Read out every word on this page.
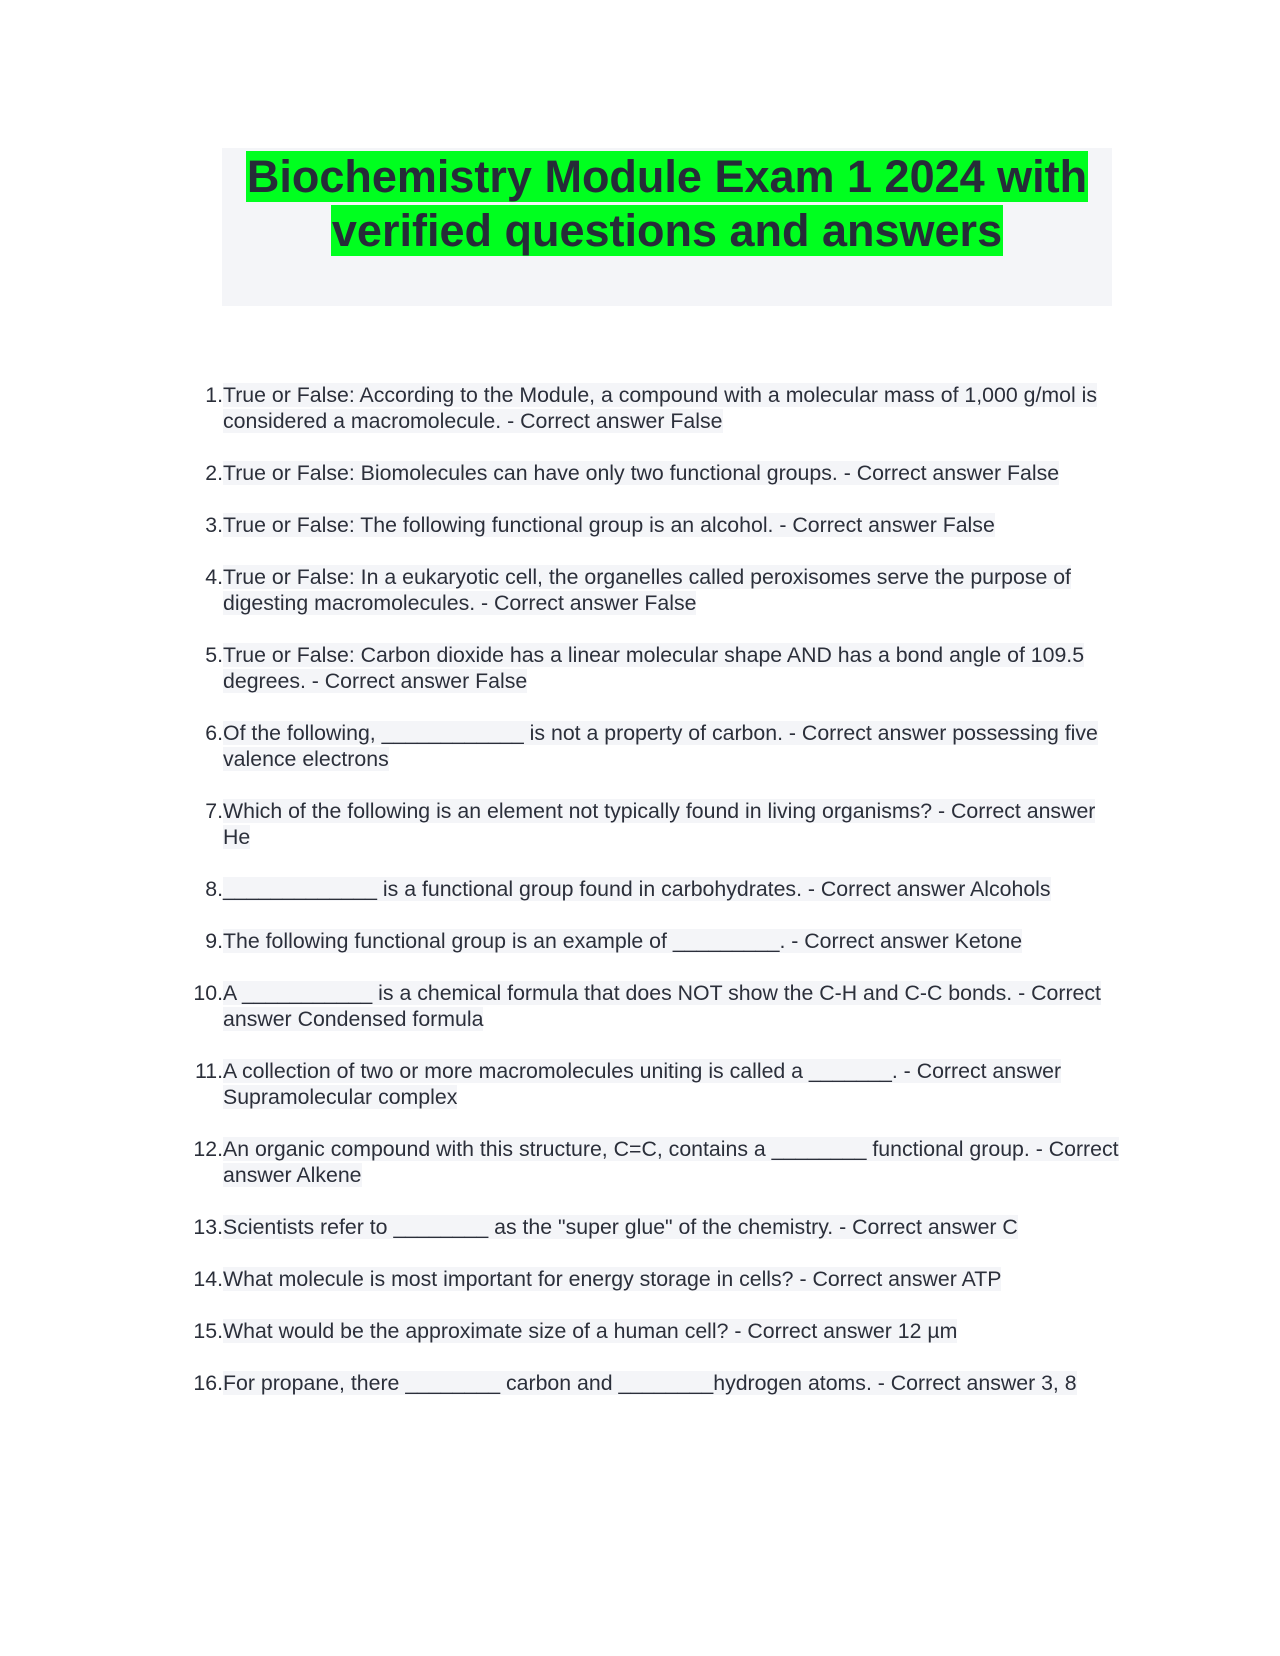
Biochemistry Module Exam 1 2024 with
verified questions and answers
1. True or False: According to the Module, a compound with a molecular mass of 1,000 g/mol is considered a macromolecule. - Correct answer False
2. True or False: Biomolecules can have only two functional groups. - Correct answer False
3. True or False: The following functional group is an alcohol. - Correct answer False
4. True or False: In a eukaryotic cell, the organelles called peroxisomes serve the purpose of digesting macromolecules. - Correct answer False
5. True or False: Carbon dioxide has a linear molecular shape AND has a bond angle of 109.5 degrees. - Correct answer False
6. Of the following, ____________ is not a property of carbon. - Correct answer possessing five valence electrons
7. Which of the following is an element not typically found in living organisms? - Correct answer He
8. _____________ is a functional group found in carbohydrates. - Correct answer Alcohols
9. The following functional group is an example of _________. - Correct answer Ketone
10. A ___________ is a chemical formula that does NOT show the C-H and C-C bonds. - Correct answer Condensed formula
11. A collection of two or more macromolecules uniting is called a _______. - Correct answer Supramolecular complex
12. An organic compound with this structure, C=C, contains a ________ functional group. - Correct answer Alkene
13. Scientists refer to ________ as the "super glue" of the chemistry. - Correct answer C
14. What molecule is most important for energy storage in cells? - Correct answer ATP
15. What would be the approximate size of a human cell? - Correct answer 12 µm
16. For propane, there ________ carbon and ________hydrogen atoms. - Correct answer 3, 8
